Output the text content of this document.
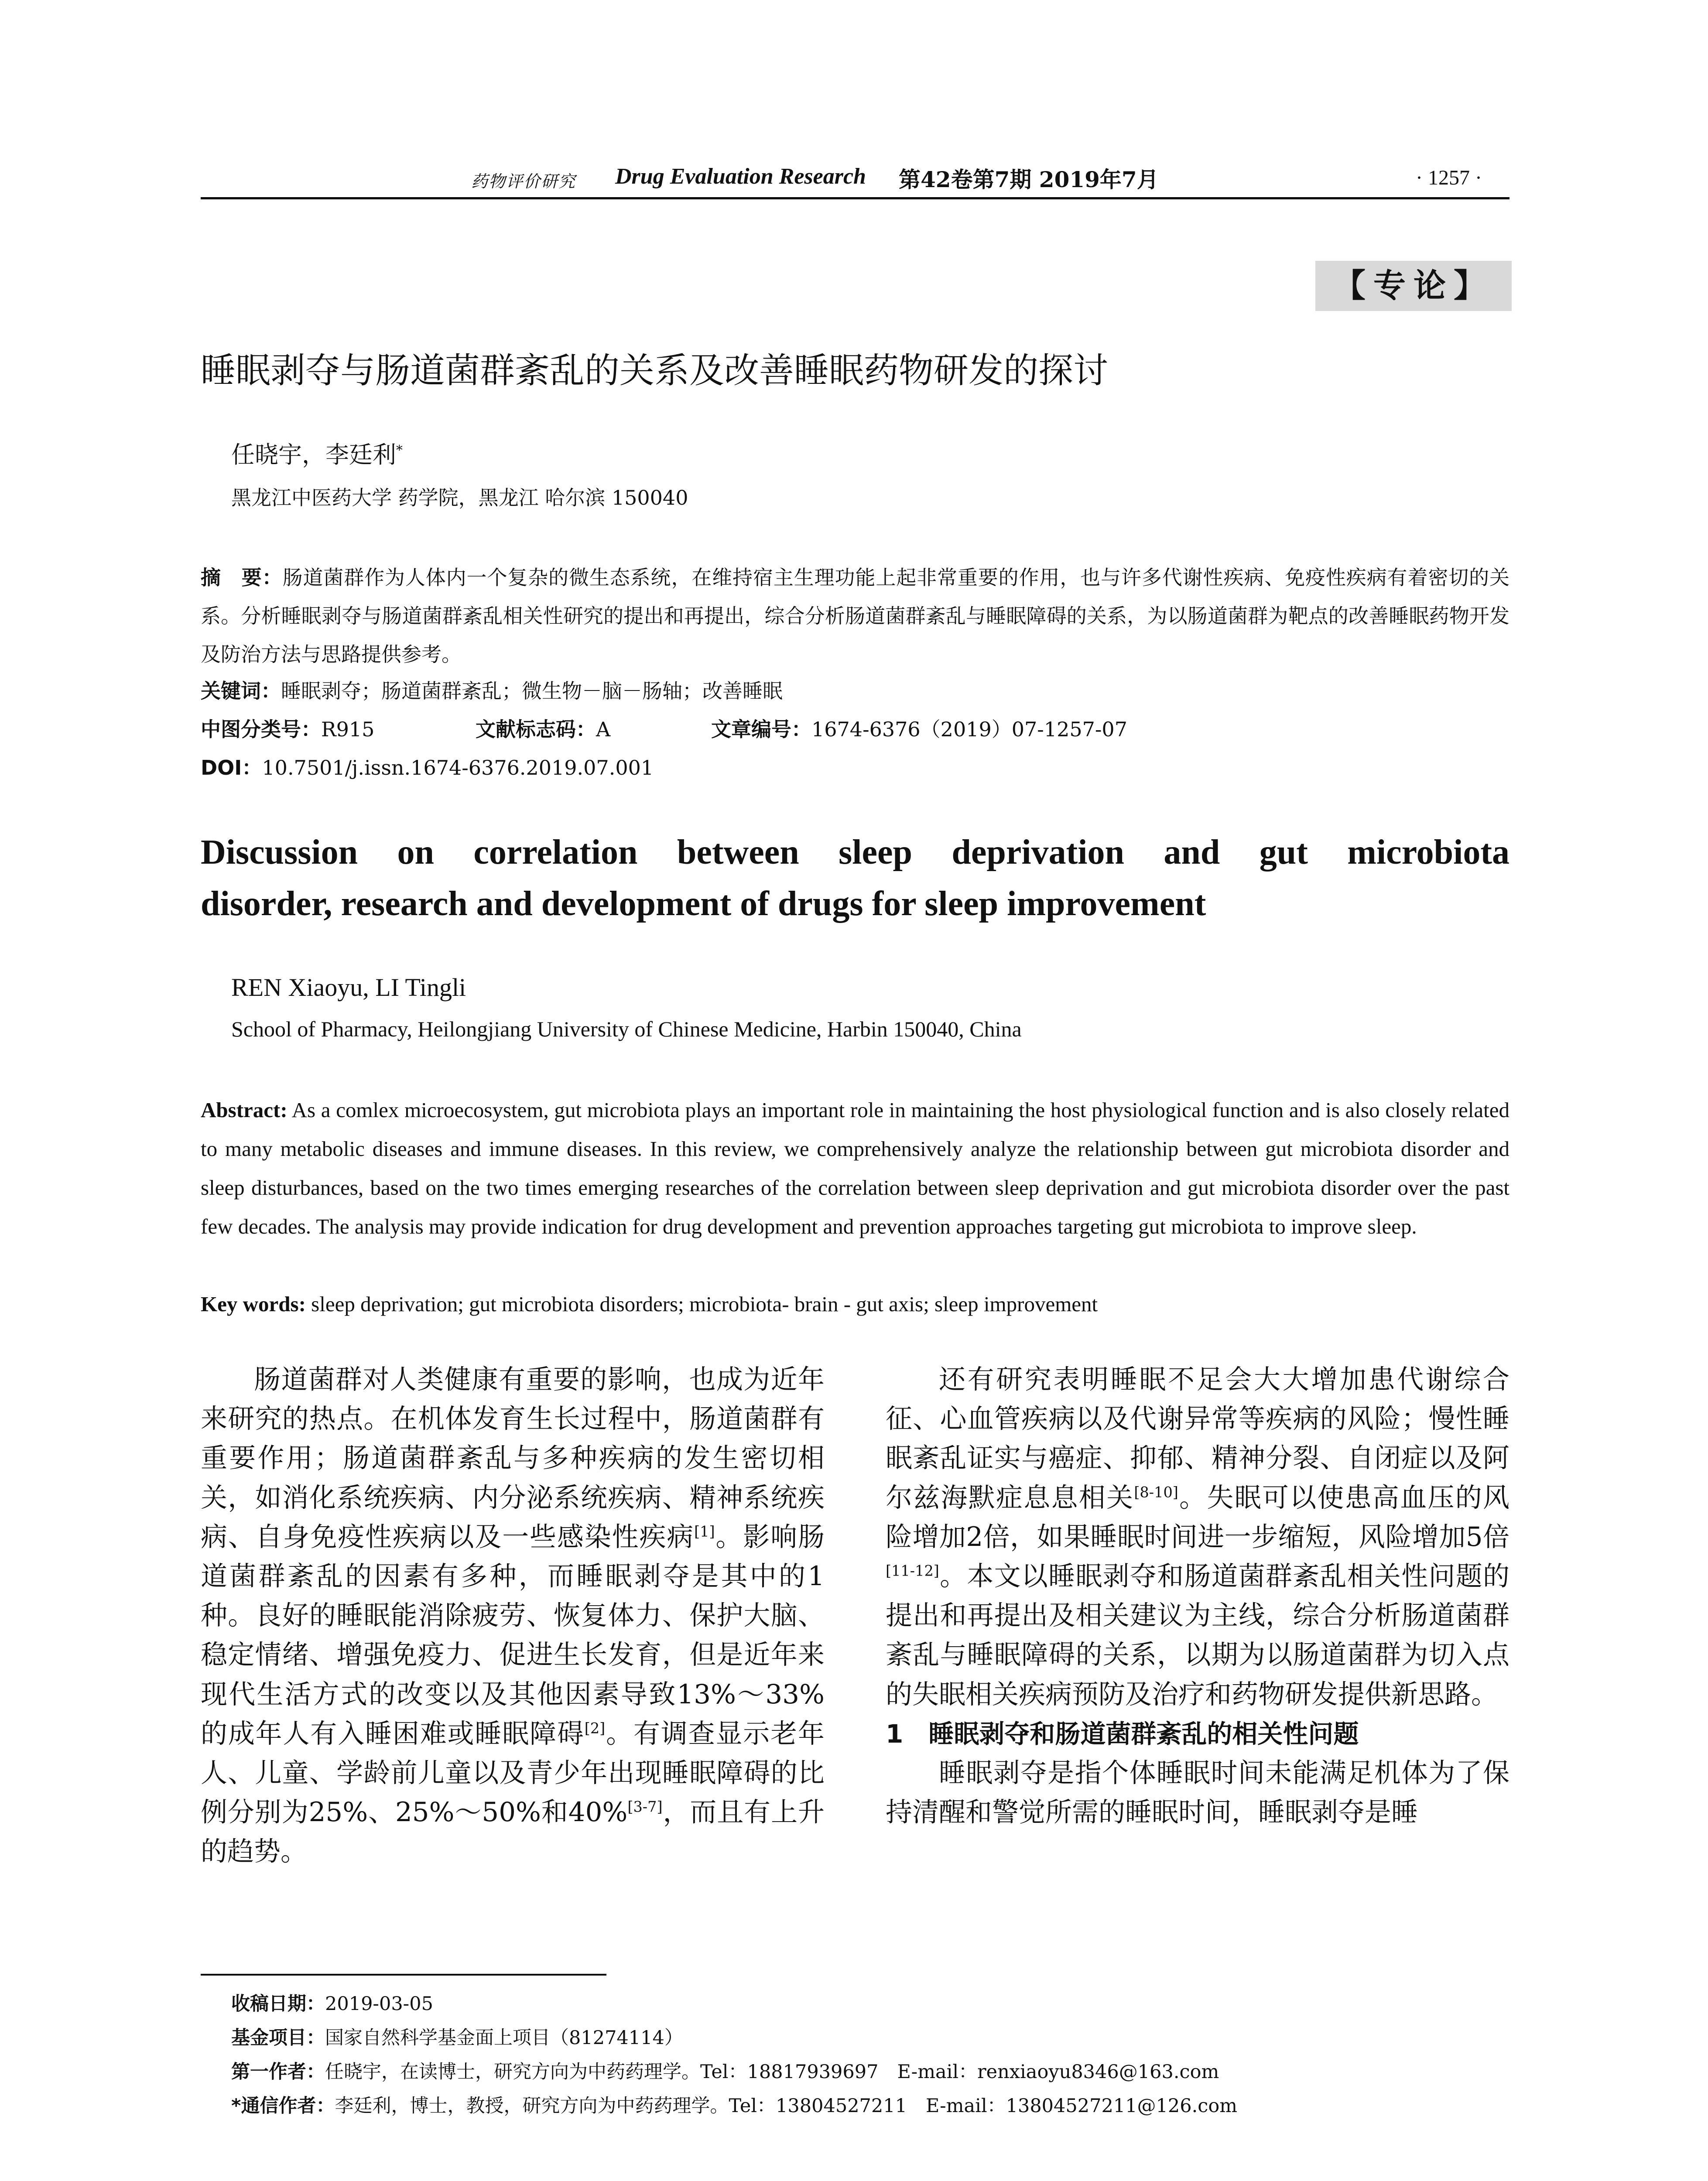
药物评价研究 Drug Evaluation Research 第42卷第7期 2019年7月	· 1257 ·
【专论】
睡眠剥夺与肠道菌群紊乱的关系及改善睡眠药物研发的探讨
任晓宇，李廷利*
黑龙江中医药大学 药学院，黑龙江 哈尔滨 150040
摘　要：肠道菌群作为人体内一个复杂的微生态系统，在维持宿主生理功能上起非常重要的作用，也与许多代谢性疾病、免疫性疾病有着密切的关系。分析睡眠剥夺与肠道菌群紊乱相关性研究的提出和再提出，综合分析肠道菌群紊乱与睡眠障碍的关系，为以肠道菌群为靶点的改善睡眠药物开发及防治方法与思路提供参考。
关键词：睡眠剥夺；肠道菌群紊乱；微生物－脑－肠轴；改善睡眠
中图分类号：R915	文献标志码：A	文章编号：1674-6376（2019）07-1257-07
DOI：10.7501/j.issn.1674-6376.2019.07.001
Discussion on correlation between sleep deprivation and gut microbiota
disorder, research and development of drugs for sleep improvement
REN Xiaoyu, LI Tingli
School of Pharmacy, Heilongjiang University of Chinese Medicine, Harbin 150040, China
Abstract: As a comlex microecosystem, gut microbiota plays an important role in maintaining the host physiological function and is also closely related to many metabolic diseases and immune diseases. In this review, we comprehensively analyze the relationship between gut microbiota disorder and sleep disturbances, based on the two times emerging researches of the correlation between sleep deprivation and gut microbiota disorder over the past few decades. The analysis may provide indication for drug development and prevention approaches targeting gut microbiota to improve sleep.
Key words: sleep deprivation; gut microbiota disorders; microbiota- brain - gut axis; sleep improvement

肠道菌群对人类健康有重要的影响，也成为近年来研究的热点。在机体发育生长过程中，肠道菌群有重要作用；肠道菌群紊乱与多种疾病的发生密切相关，如消化系统疾病、内分泌系统疾病、精神系统疾病、自身免疫性疾病以及一些感染性疾病[1]。影响肠道菌群紊乱的因素有多种，而睡眠剥夺是其中的1种。良好的睡眠能消除疲劳、恢复体力、保护大脑、稳定情绪、增强免疫力、促进生长发育，但是近年来现代生活方式的改变以及其他因素导致13%～33%的成年人有入睡困难或睡眠障碍[2]。有调查显示老年人、儿童、学龄前儿童以及青少年出现睡眠障碍的比例分别为25%、25%～50%和40%[3-7]，而且有上升的趋势。

还有研究表明睡眠不足会大大增加患代谢综合征、心血管疾病以及代谢异常等疾病的风险；慢性睡眠紊乱证实与癌症、抑郁、精神分裂、自闭症以及阿尔兹海默症息息相关[8-10]。失眠可以使患高血压的风险增加2倍，如果睡眠时间进一步缩短，风险增加5倍[11-12]。本文以睡眠剥夺和肠道菌群紊乱相关性问题的提出和再提出及相关建议为主线，综合分析肠道菌群紊乱与睡眠障碍的关系，以期为以肠道菌群为切入点的失眠相关疾病预防及治疗和药物研发提供新思路。

1　睡眠剥夺和肠道菌群紊乱的相关性问题

睡眠剥夺是指个体睡眠时间未能满足机体为了保持清醒和警觉所需的睡眠时间，睡眠剥夺是睡

收稿日期：2019-03-05
基金项目：国家自然科学基金面上项目（81274114）
第一作者：任晓宇，在读博士，研究方向为中药药理学。Tel：18817939697　E-mail：renxiaoyu8346@163.com
*通信作者：李廷利，博士，教授，研究方向为中药药理学。Tel：13804527211　E-mail：13804527211@126.com
